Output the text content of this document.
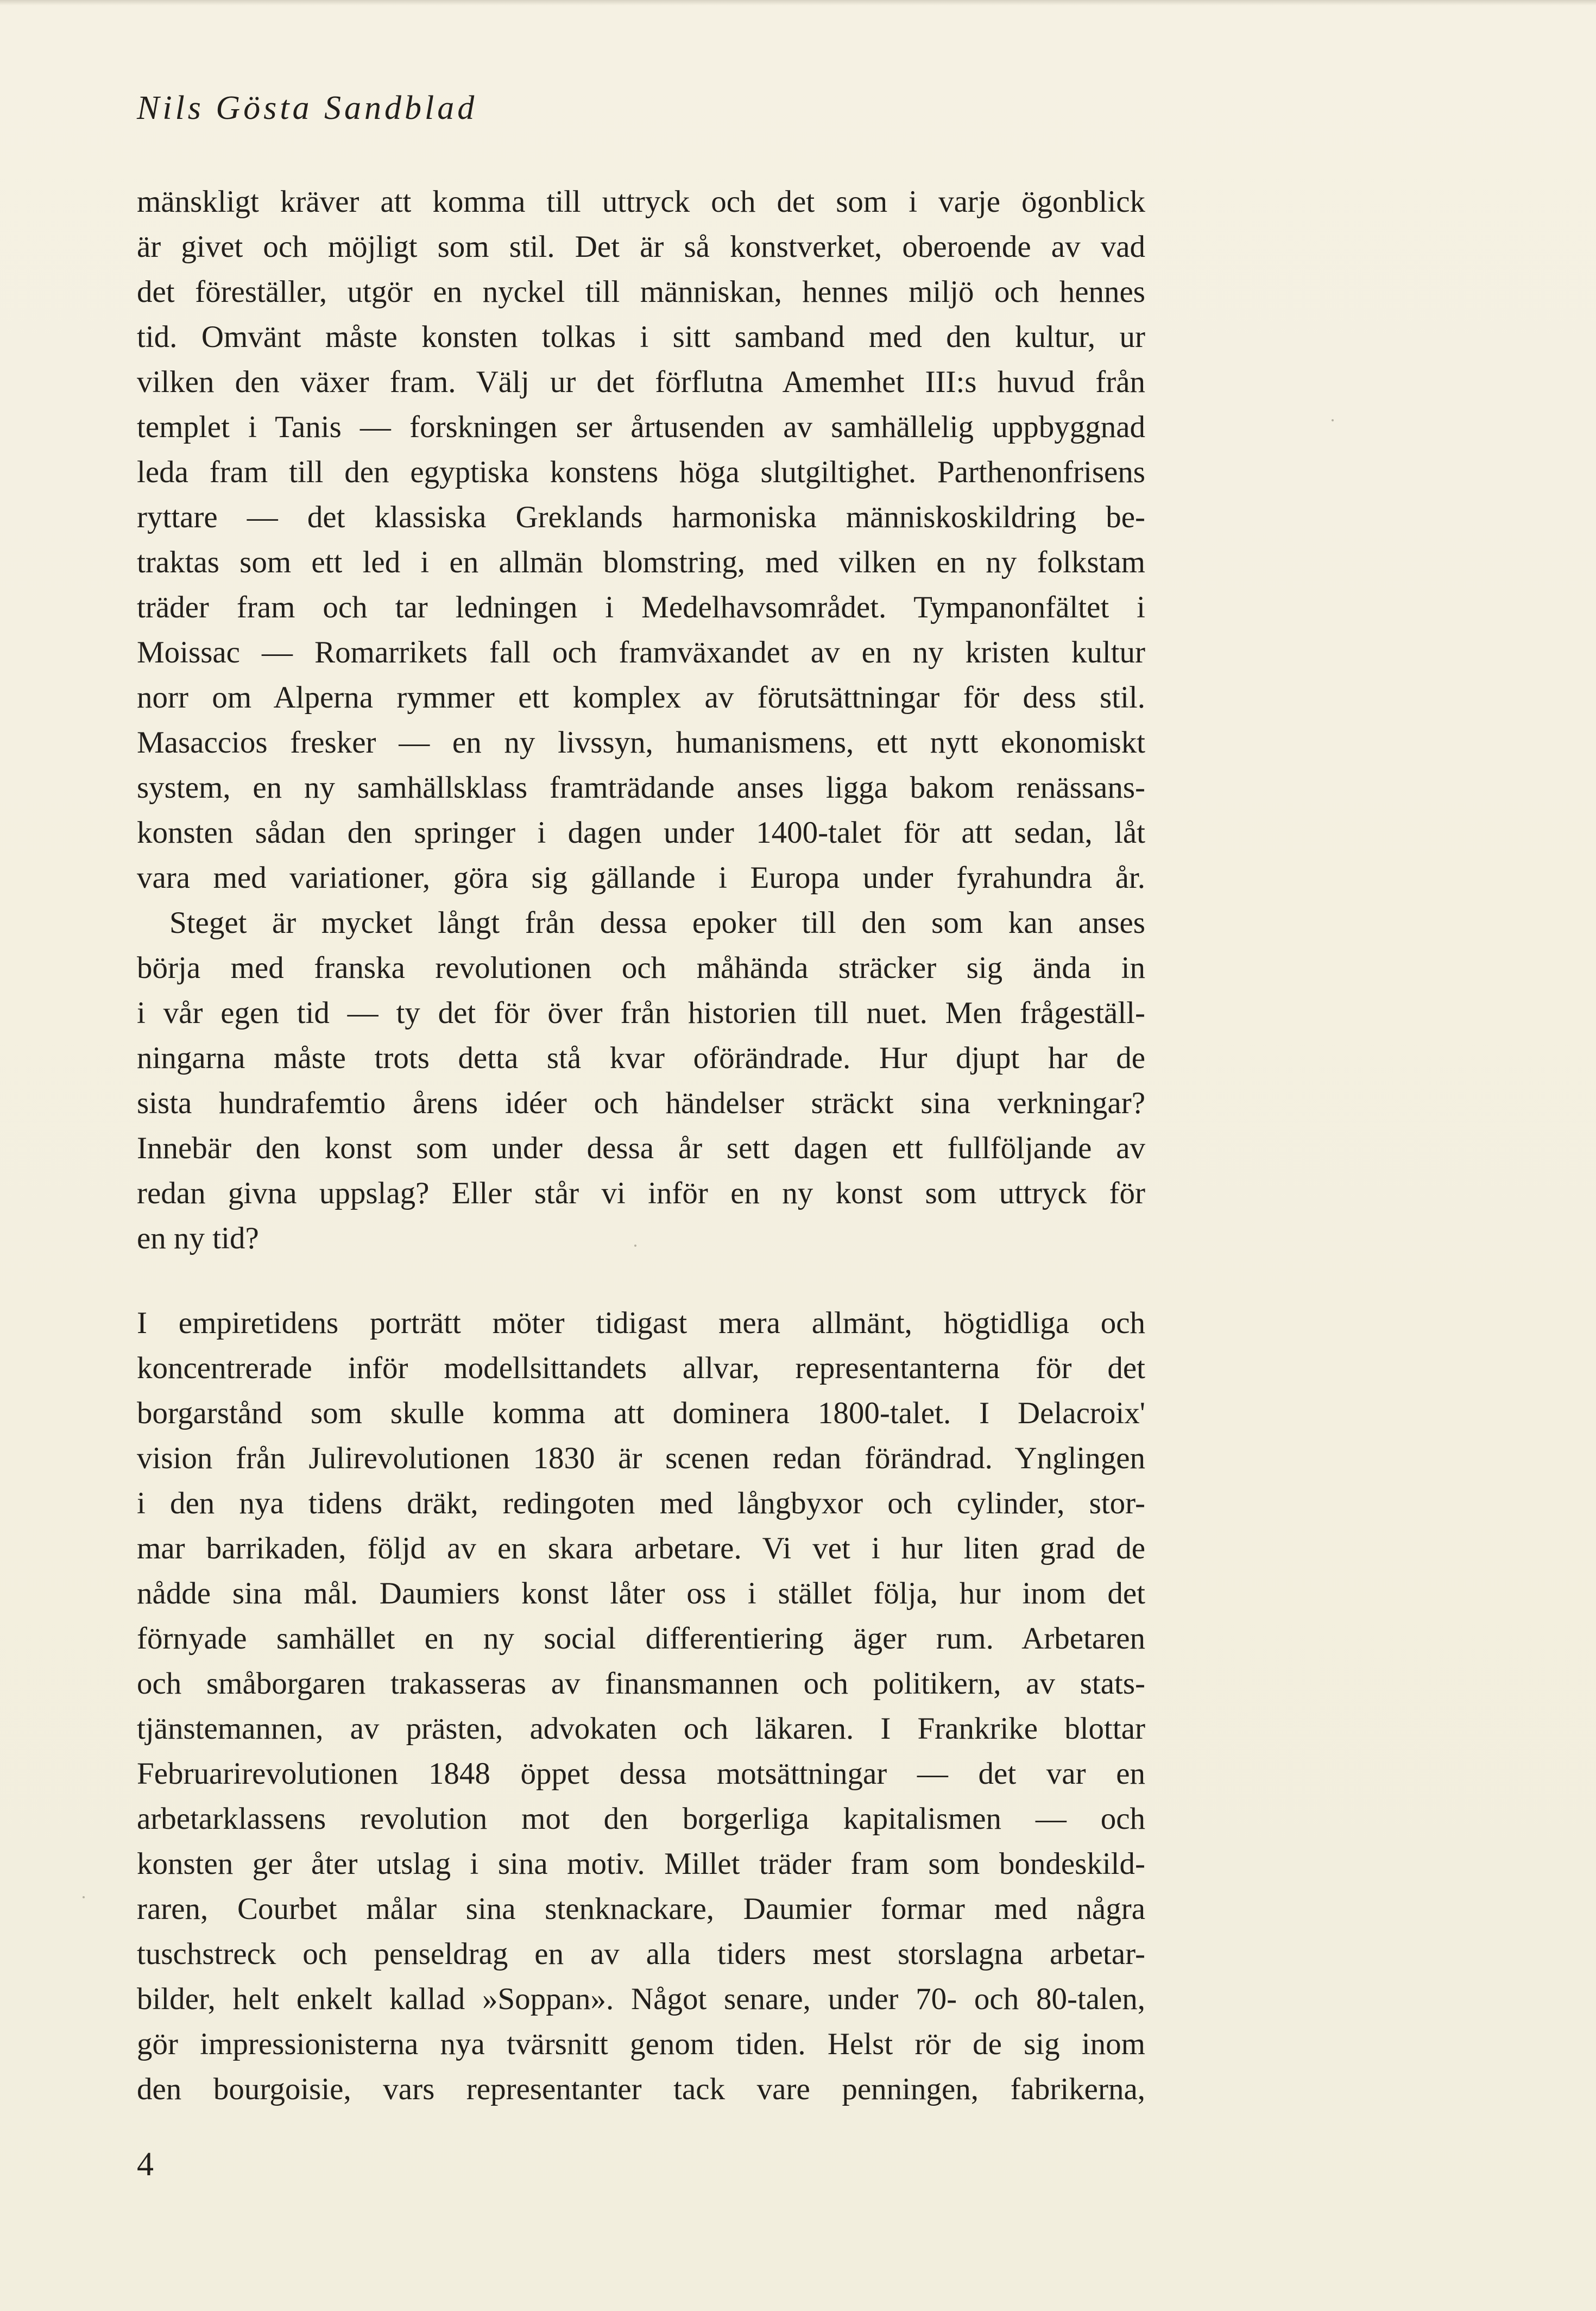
Nils Gösta Sandblad
mänskligt kräver att komma till uttryck och det som i varje ögonblick
är givet och möjligt som stil. Det är så konstverket, oberoende av vad
det föreställer, utgör en nyckel till människan, hennes miljö och hennes
tid. Omvänt måste konsten tolkas i sitt samband med den kultur, ur
vilken den växer fram. Välj ur det förflutna Amemhet III:s huvud från
templet i Tanis — forskningen ser årtusenden av samhällelig uppbyggnad
leda fram till den egyptiska konstens höga slutgiltighet. Parthenonfrisens
ryttare — det klassiska Greklands harmoniska människoskildring be-
traktas som ett led i en allmän blomstring, med vilken en ny folkstam
träder fram och tar ledningen i Medelhavsområdet. Tympanonfältet i
Moissac — Romarrikets fall och framväxandet av en ny kristen kultur
norr om Alperna rymmer ett komplex av förutsättningar för dess stil.
Masaccios fresker — en ny livssyn, humanismens, ett nytt ekonomiskt
system, en ny samhällsklass framträdande anses ligga bakom renässans-
konsten sådan den springer i dagen under 1400-talet för att sedan, låt
vara med variationer, göra sig gällande i Europa under fyrahundra år.
Steget är mycket långt från dessa epoker till den som kan anses
börja med franska revolutionen och måhända sträcker sig ända in
i vår egen tid — ty det för över från historien till nuet. Men frågeställ-
ningarna måste trots detta stå kvar oförändrade. Hur djupt har de
sista hundrafemtio årens idéer och händelser sträckt sina verkningar?
Innebär den konst som under dessa år sett dagen ett fullföljande av
redan givna uppslag? Eller står vi inför en ny konst som uttryck för
en ny tid?
I empiretidens porträtt möter tidigast mera allmänt, högtidliga och
koncentrerade inför modellsittandets allvar, representanterna för det
borgarstånd som skulle komma att dominera 1800-talet. I Delacroix'
vision från Julirevolutionen 1830 är scenen redan förändrad. Ynglingen
i den nya tidens dräkt, redingoten med långbyxor och cylinder, stor-
mar barrikaden, följd av en skara arbetare. Vi vet i hur liten grad de
nådde sina mål. Daumiers konst låter oss i stället följa, hur inom det
förnyade samhället en ny social differentiering äger rum. Arbetaren
och småborgaren trakasseras av finansmannen och politikern, av stats-
tjänstemannen, av prästen, advokaten och läkaren. I Frankrike blottar
Februarirevolutionen 1848 öppet dessa motsättningar — det var en
arbetarklassens revolution mot den borgerliga kapitalismen — och
konsten ger åter utslag i sina motiv. Millet träder fram som bondeskild-
raren, Courbet målar sina stenknackare, Daumier formar med några
tuschstreck och penseldrag en av alla tiders mest storslagna arbetar-
bilder, helt enkelt kallad »Soppan». Något senare, under 70- och 80-talen,
gör impressionisterna nya tvärsnitt genom tiden. Helst rör de sig inom
den bourgoisie, vars representanter tack vare penningen, fabrikerna,
4
